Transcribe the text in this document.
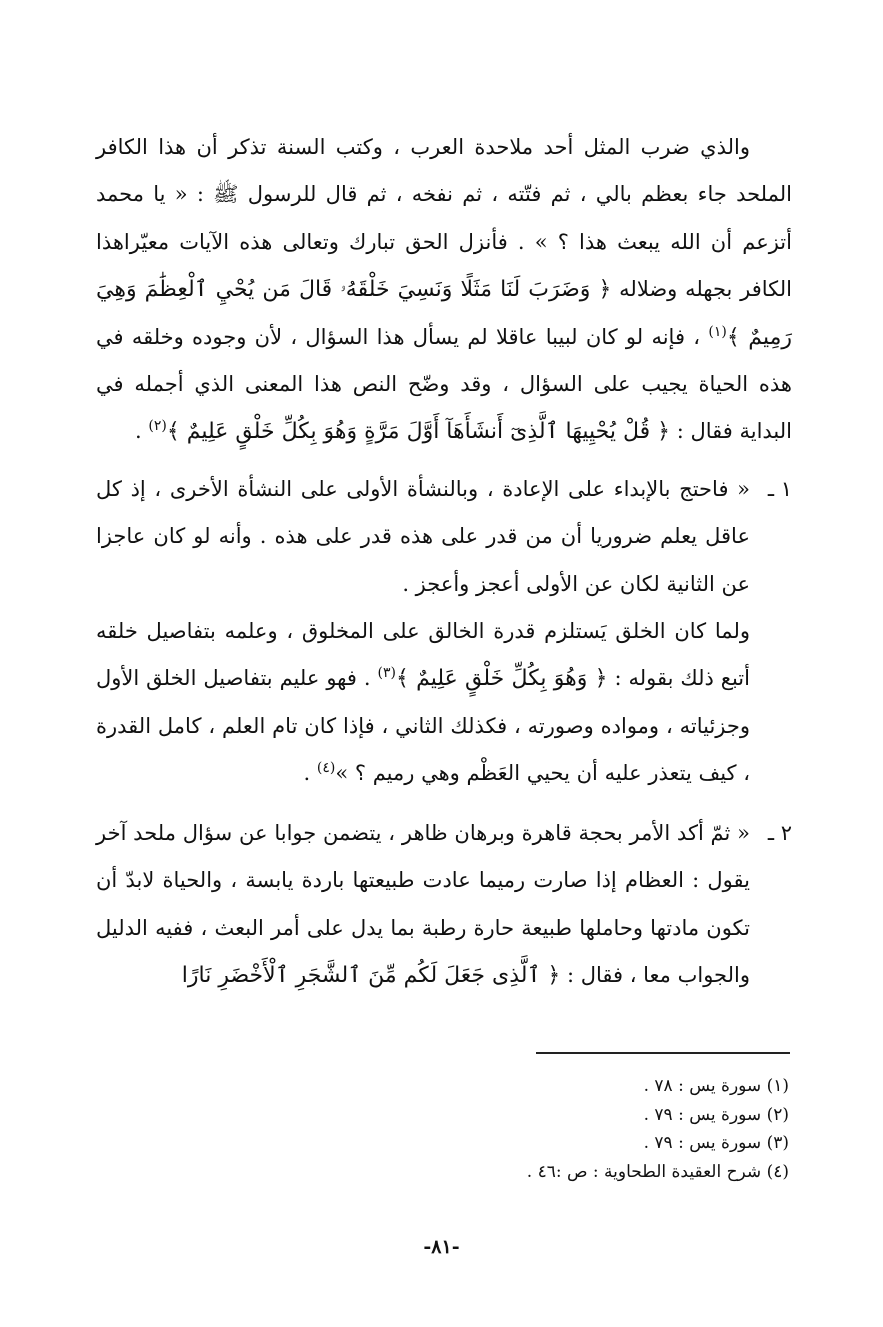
والذي ضرب المثل أحد ملاحدة العرب ، وكتب السنة تذكر أن هذا الكافر الملحد جاء بعظم بالي ، ثم فتّته ، ثم نفخه ، ثم قال للرسول ﷺ : « يا محمد أتزعم أن الله يبعث هذا ؟ » . فأنزل الحق تبارك وتعالى هذه الآيات معيّراهذا الكافر بجهله وضلاله ﴿ وَضَرَبَ لَنَا مَثَلًا وَنَسِيَ خَلْقَهُۥ قَالَ مَن يُحْيِ ٱلْعِظَٰمَ وَهِيَ رَمِيمٌ ﴾$^{(١)}$ ، فإنه لو كان لبيبا عاقلا لم يسأل هذا السؤال ، لأن وجوده وخلقه في هذه الحياة يجيب على السؤال ، وقد وضّح النص هذا المعنى الذي أجمله في البداية فقال : ﴿ قُلْ يُحْيِيهَا ٱلَّذِىٓ أَنشَأَهَآ أَوَّلَ مَرَّةٍ وَهُوَ بِكُلِّ خَلْقٍ عَلِيمٌ ﴾$^{(٢)}$ .

١ ـ

« فاحتج بالإبداء على الإعادة ، وبالنشأة الأولى على النشأة الأخرى ، إذ كل عاقل يعلم ضروريا أن من قدر على هذه قدر على هذه . وأنه لو كان عاجزا عن الثانية لكان عن الأولى أعجز وأعجز .

ولما كان الخلق يَستلزم قدرة الخالق على المخلوق ، وعلمه بتفاصيل خلقه أتبع ذلك بقوله : ﴿ وَهُوَ بِكُلِّ خَلْقٍ عَلِيمٌ ﴾$^{(٣)}$ . فهو عليم بتفاصيل الخلق الأول وجزئياته ، ومواده وصورته ، فكذلك الثاني ، فإذا كان تام العلم ، كامل القدرة ، كيف يتعذر عليه أن يحيي العَظْم وهي رميم ؟ »$^{(٤)}$ .

٢ ـ

« ثمّ أكد الأمر بحجة قاهرة وبرهان ظاهر ، يتضمن جوابا عن سؤال ملحد آخر يقول : العظام إذا صارت رميما عادت طبيعتها باردة يابسة ، والحياة لابدّ أن تكون مادتها وحاملها طبيعة حارة رطبة بما يدل على أمر البعث ، ففيه الدليل والجواب معا ، فقال : ﴿ ٱلَّذِى جَعَلَ لَكُم مِّنَ ٱلشَّجَرِ ٱلْأَخْضَرِ نَارًا

(١) سورة يس : ٧٨ .
(٢) سورة يس : ٧٩ .
(٣) سورة يس : ٧٩ .
(٤) شرح العقيدة الطحاوية : ص :٤٦ .
-٨١-
